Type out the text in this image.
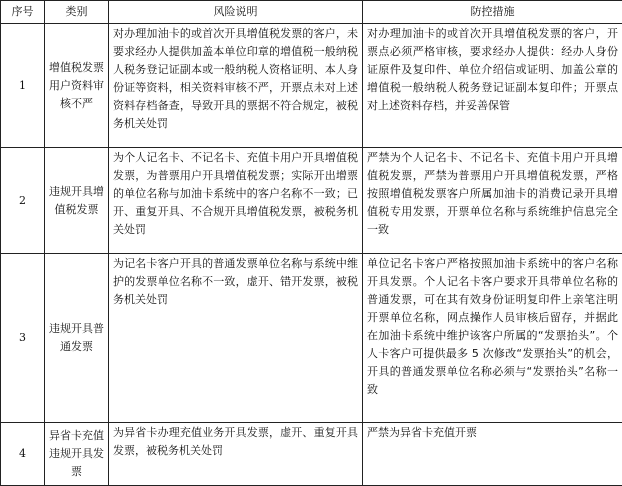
序号	类别	风险说明	防控措施
1	增值税发票用户资料审核不严	对办理加油卡的或首次开具增值税发票的客户，未要求经办人提供加盖本单位印章的增值税一般纳税人税务登记证副本或一般纳税人资格证明、本人身份证等资料，相关资料审核不严，开票点未对上述资料存档备查，导致开具的票据不符合规定，被税务机关处罚	对办理加油卡的或首次开具增值税发票的客户，开票点必须严格审核，要求经办人提供：经办人身份证原件及复印件、单位介绍信或证明、加盖公章的增值税一般纳税人税务登记证副本复印件；开票点对上述资料存档，并妥善保管

2	违规开具增值税发票	为个人记名卡、不记名卡、充值卡用户开具增值税发票，为普票用户开具增值税发票；实际开出增票的单位名称与加油卡系统中的客户名称不一致；已开、重复开具、不合规开具增值税发票，被税务机关处罚	严禁为个人记名卡、不记名卡、充值卡用户开具增值税发票，严禁为普票用户开具增值税发票，严格按照增值税发票客户所属加油卡的消费记录开具增值税专用发票，开票单位名称与系统维护信息完全一致

3	违规开具普通发票	为记名卡客户开具的普通发票单位名称与系统中维护的发票单位名称不一致，虚开、错开发票，被税务机关处罚	单位记名卡客户严格按照加油卡系统中的客户名称开具发票。个人记名卡客户要求开具带单位名称的普通发票，可在其有效身份证明复印件上亲笔注明开票单位名称，网点操作人员审核后留存，并据此在加油卡系统中维护该客户所属的“发票抬头”。个人卡客户可提供最多 5 次修改“发票抬头”的机会，开具的普通发票单位名称必须与“发票抬头”名称一致

4	异省卡充值违规开具发票	为异省卡办理充值业务开具发票，虚开、重复开具发票，被税务机关处罚	严禁为异省卡充值开票
